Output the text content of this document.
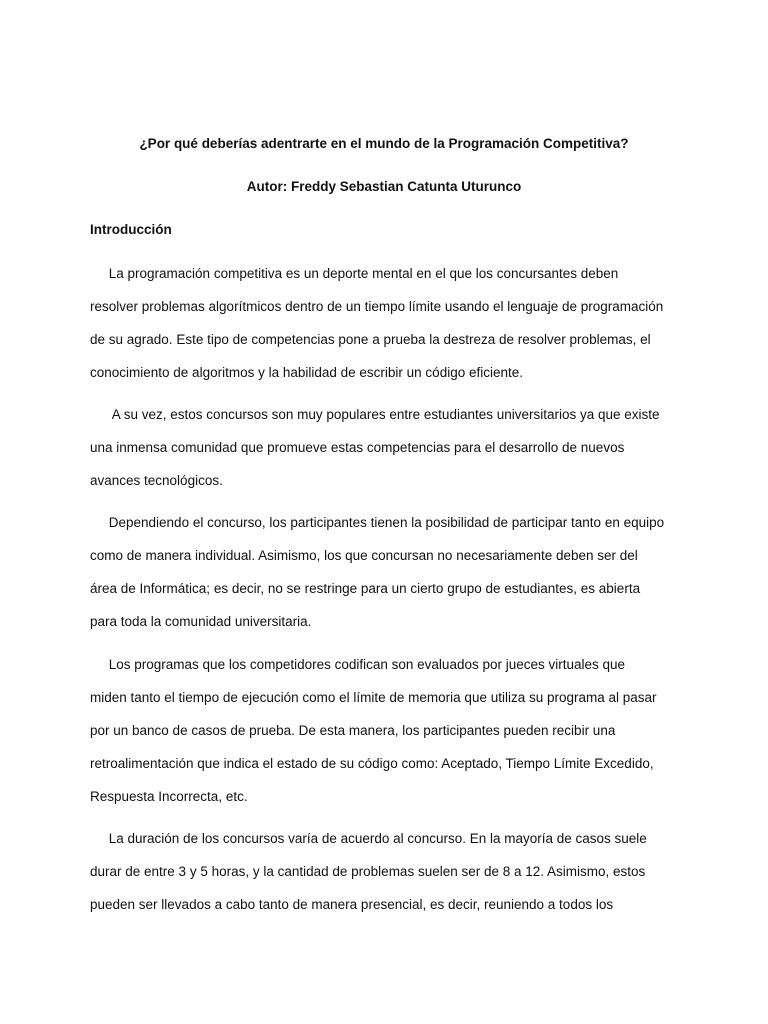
¿Por qué deberías adentrarte en el mundo de la Programación Competitiva?

Autor: Freddy Sebastian Catunta Uturunco

Introducción

La programación competitiva es un deporte mental en el que los concursantes deben
resolver problemas algorítmicos dentro de un tiempo límite usando el lenguaje de programación
de su agrado. Este tipo de competencias pone a prueba la destreza de resolver problemas, el
conocimiento de algoritmos y la habilidad de escribir un código eficiente.
A su vez, estos concursos son muy populares entre estudiantes universitarios ya que existe
una inmensa comunidad que promueve estas competencias para el desarrollo de nuevos
avances tecnológicos.
Dependiendo el concurso, los participantes tienen la posibilidad de participar tanto en equipo
como de manera individual. Asimismo, los que concursan no necesariamente deben ser del
área de Informática; es decir, no se restringe para un cierto grupo de estudiantes, es abierta
para toda la comunidad universitaria.
Los programas que los competidores codifican son evaluados por jueces virtuales que
miden tanto el tiempo de ejecución como el límite de memoria que utiliza su programa al pasar
por un banco de casos de prueba. De esta manera, los participantes pueden recibir una
retroalimentación que indica el estado de su código como: Aceptado, Tiempo Límite Excedido,
Respuesta Incorrecta, etc.
La duración de los concursos varía de acuerdo al concurso. En la mayoría de casos suele
durar de entre 3 y 5 horas, y la cantidad de problemas suelen ser de 8 a 12. Asimismo, estos
pueden ser llevados a cabo tanto de manera presencial, es decir, reuniendo a todos los
